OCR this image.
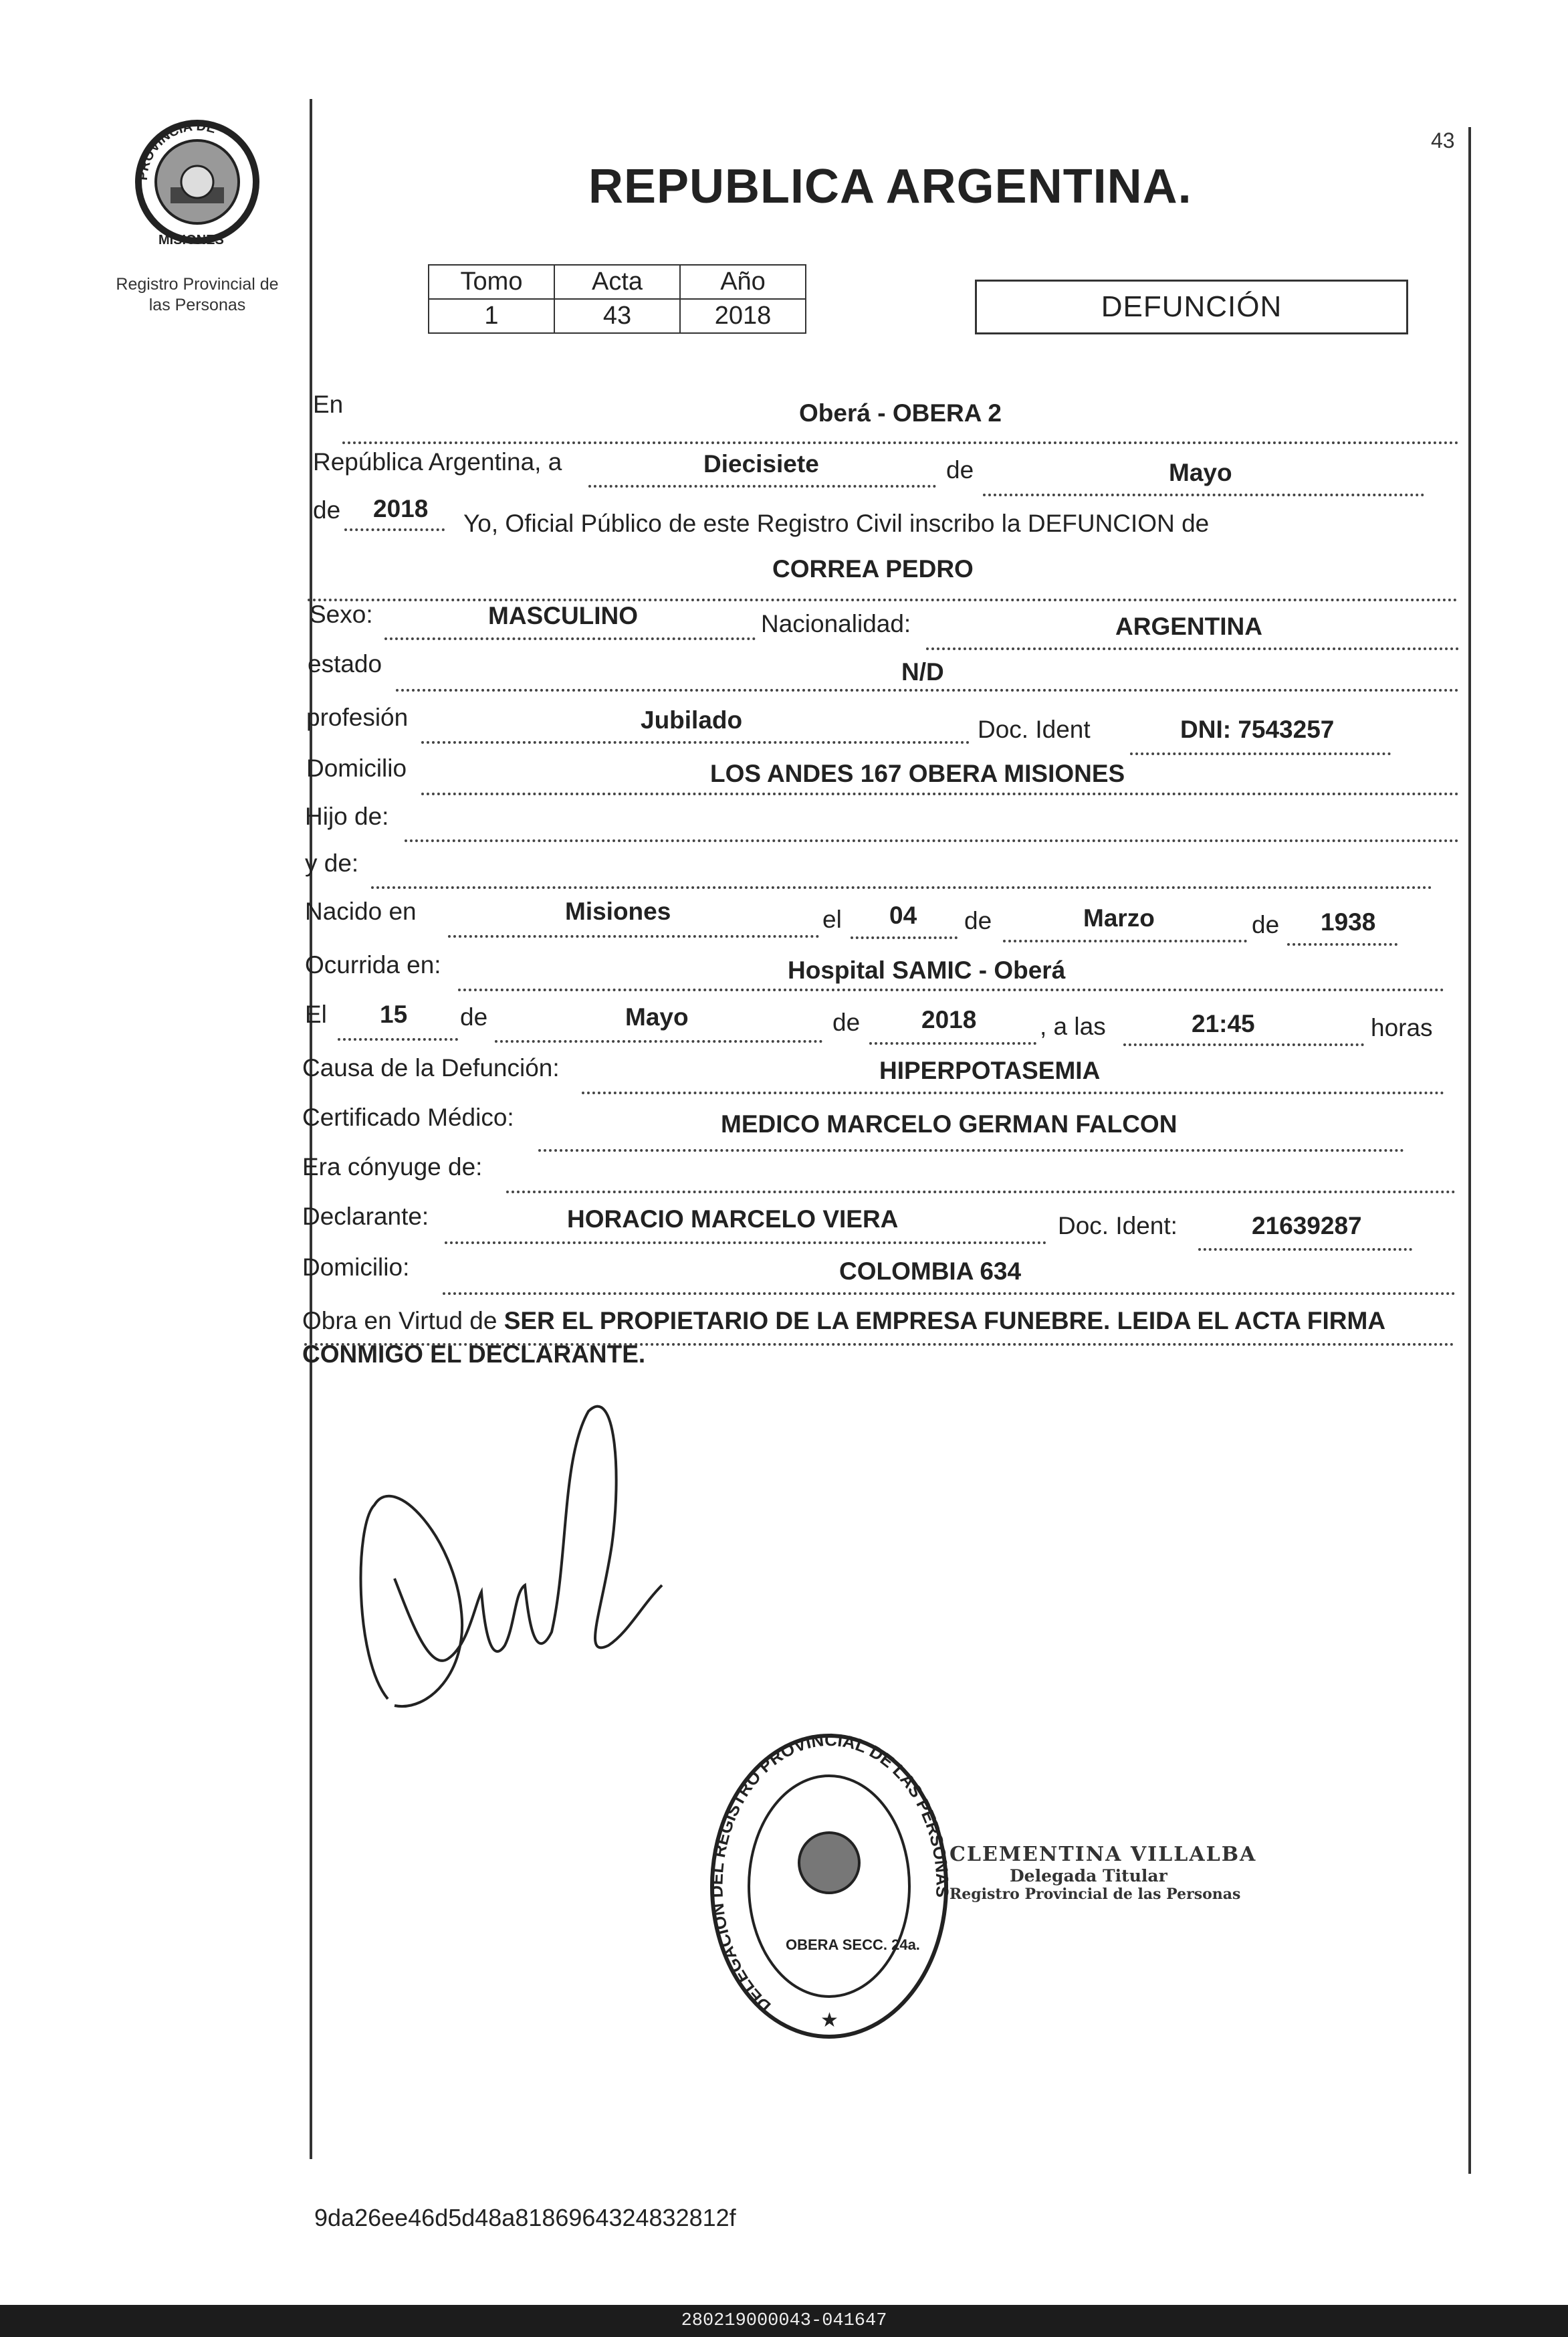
PROVINCIA DE
MISIONES
Registro Provincial de
las Personas
43
REPUBLICA ARGENTINA.
Tomo	Acta	Año
1	43	2018	DEFUNCIÓN
En	Oberá - OBERA 2
República Argentina, a	Diecisiete	de	Mayo
de 2018
Yo, Oficial Público de este Registro Civil inscribo la DEFUNCION de
CORREA PEDRO
Sexo:	MASCULINO	Nacionalidad:	ARGENTINA
estado	N/D
profesión	Jubilado	Doc. Ident	DNI: 7543257
Domicilio	LOS ANDES 167 OBERA MISIONES
Hijo de:
y de:
Nacido en	Misiones	el 04 de	Marzo	de 1938
Ocurrida en:	Hospital SAMIC - Oberá
El 15 de	Mayo	de 2018	, a las	21:45	horas
Causa de la Defunción:	HIPERPOTASEMIA
Certificado Médico:	MEDICO MARCELO GERMAN FALCON
Era cónyuge de:
Declarante:	HORACIO MARCELO VIERA	Doc. Ident:	21639287
Domicilio:	COLOMBIA 634
Obra en Virtud de SER EL PROPIETARIO DE LA EMPRESA FUNEBRE. LEIDA EL ACTA FIRMA CONMIGO EL DECLARANTE.
DELEGACION DEL REGISTRO PROVINCIAL DE LAS PERSONAS
OBERA SECC. 24a.
★
CLEMENTINA VILLALBA
Delegada Titular
Registro Provincial de las Personas
9da26ee46d5d48a8186964324832812f
280219000043-041647
